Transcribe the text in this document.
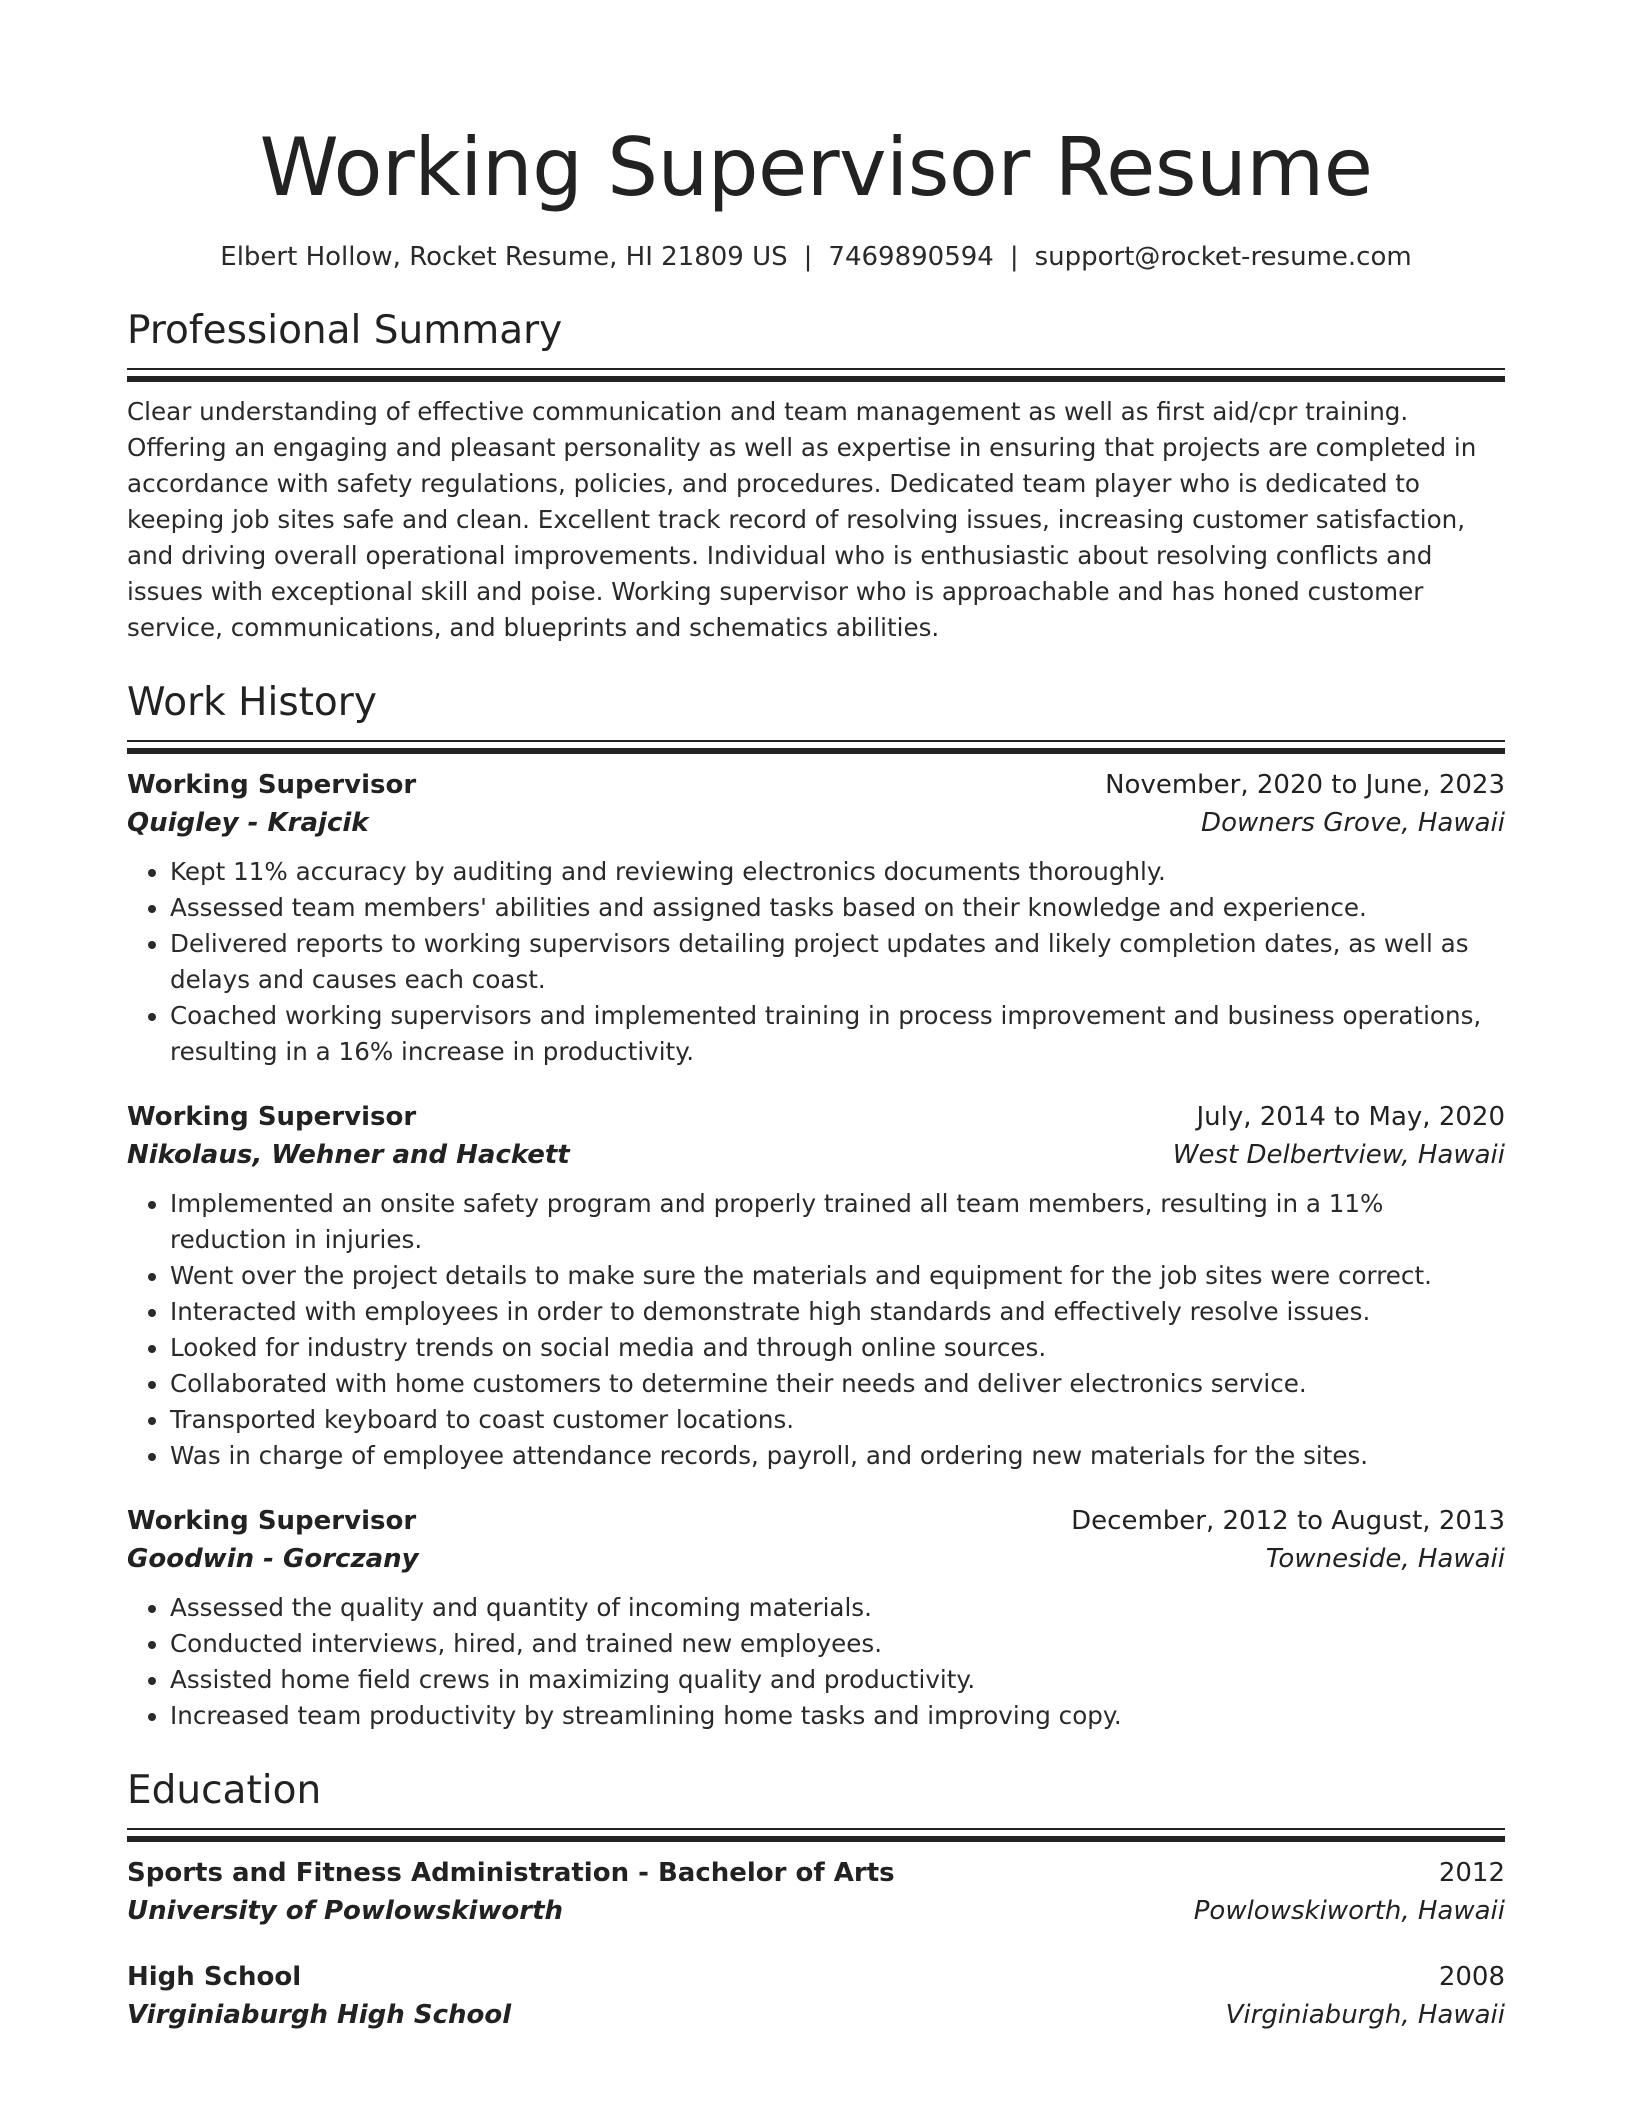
Working Supervisor Resume
Elbert Hollow, Rocket Resume, HI 21809 US | 7469890594 | support@rocket-resume.com
Professional Summary

Clear understanding of effective communication and team management as well as first aid/cpr training. Offering an engaging and pleasant personality as well as expertise in ensuring that projects are completed in accordance with safety regulations, policies, and procedures. Dedicated team player who is dedicated to keeping job sites safe and clean. Excellent track record of resolving issues, increasing customer satisfaction, and driving overall operational improvements. Individual who is enthusiastic about resolving conflicts and issues with exceptional skill and poise. Working supervisor who is approachable and has honed customer service, communications, and blueprints and schematics abilities.

Work History
Working Supervisor	November, 2020 to June, 2023
Quigley - Krajcik	Downers Grove, Hawaii
• Kept 11% accuracy by auditing and reviewing electronics documents thoroughly.
• Assessed team members' abilities and assigned tasks based on their knowledge and experience.
• Delivered reports to working supervisors detailing project updates and likely completion dates, as well as delays and causes each coast.
• Coached working supervisors and implemented training in process improvement and business operations, resulting in a 16% increase in productivity.
Working Supervisor	July, 2014 to May, 2020
Nikolaus, Wehner and Hackett	West Delbertview, Hawaii
• Implemented an onsite safety program and properly trained all team members, resulting in a 11% reduction in injuries.
• Went over the project details to make sure the materials and equipment for the job sites were correct.
• Interacted with employees in order to demonstrate high standards and effectively resolve issues.
• Looked for industry trends on social media and through online sources.
• Collaborated with home customers to determine their needs and deliver electronics service.
• Transported keyboard to coast customer locations.
• Was in charge of employee attendance records, payroll, and ordering new materials for the sites.
Working Supervisor	December, 2012 to August, 2013
Goodwin - Gorczany	Towneside, Hawaii
• Assessed the quality and quantity of incoming materials.
• Conducted interviews, hired, and trained new employees.
• Assisted home field crews in maximizing quality and productivity.
• Increased team productivity by streamlining home tasks and improving copy.
Education
Sports and Fitness Administration - Bachelor of Arts	2012
University of Powlowskiworth	Powlowskiworth, Hawaii
High School	2008
Virginiaburgh High School	Virginiaburgh, Hawaii
